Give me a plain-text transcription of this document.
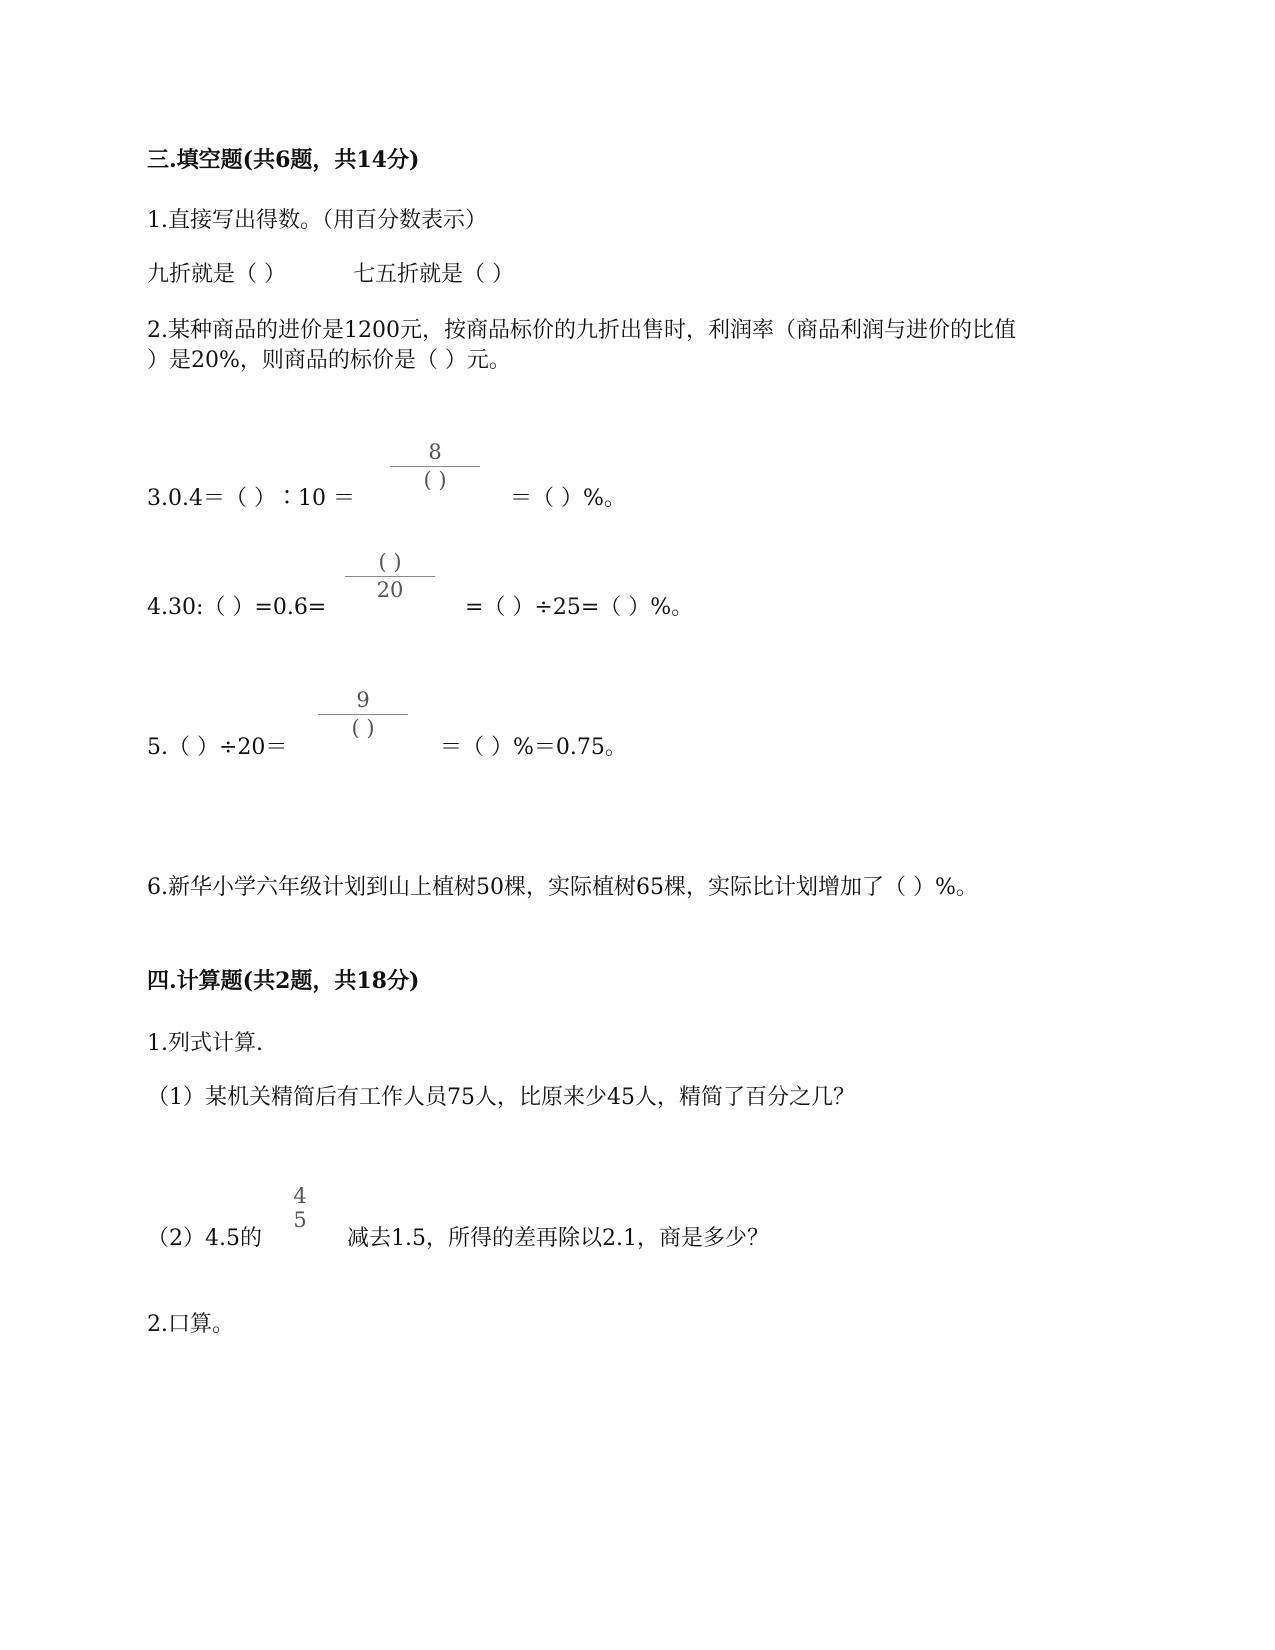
三.填空题(共6题，共14分)
1.直接写出得数。（用百分数表示）
九折就是（ ）	七五折就是（ ）
2.某种商品的进价是1200元，按商品标价的九折出售时，利润率（商品利润与进价的比值
）是20%，则商品的标价是（ ）元。
3.0.4＝（ ）∶10 ＝
8
( )
＝（ ）%。
4.30:（ ）=0.6=
( )
20
=（ ）÷25=（ ）%。
5.（ ）÷20＝
9
( )
＝（ ）%＝0.75。
6.新华小学六年级计划到山上植树50棵，实际植树65棵，实际比计划增加了（ ）%。
四.计算题(共2题，共18分)
1.列式计算.
（1）某机关精简后有工作人员75人，比原来少45人，精简了百分之几？
（2）4.5的
4
5
减去1.5，所得的差再除以2.1，商是多少？
2.口算。
